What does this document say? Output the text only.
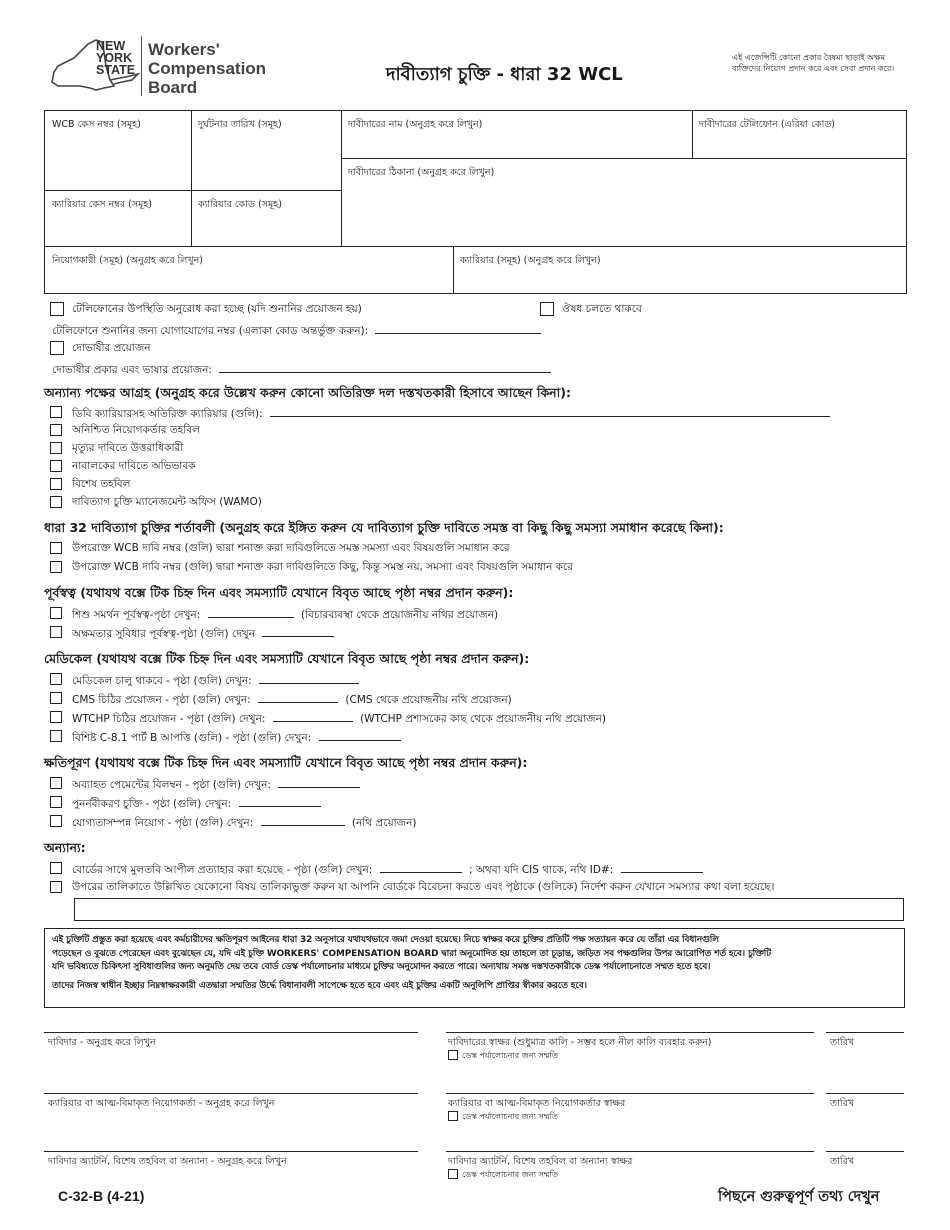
NEW
YORK
STATE
Workers'
Compensation
Board
দাবীত্যাগ চুক্তি - ধারা 32 WCL
এই এজেন্সিটি কোনো প্রকার বৈষম্য ছাড়াই অক্ষম
ব্যক্তিদের নিয়োগ প্রদান করে এবং সেবা প্রদান করে।
WCB কেস নম্বর (সমূহ)	দুর্ঘটনার তারিখ (সমূহ)	দাবীদারের নাম (অনুগ্রহ করে লিখুন)	দাবীদারের টেলিফোন (এরিয়া কোড)
দাবীদারের ঠিকানা (অনুগ্রহ করে লিখুন)
ক্যারিয়ার কেস নম্বর (সমূহ)	ক্যারিয়ার কোড (সমূহ)
নিয়োগকারী (সমূহ) (অনুগ্রহ করে লিখুন)	ক্যারিয়ার (সমূহ) (অনুগ্রহ করে লিখুন)
টেলিফোনের উপস্থিতি অনুরোধ করা হচ্ছে (যদি শুনানির প্রয়োজন হয়)	ঔষধ চলতে থাকবে
টেলিফোনে শুনানির জন্য যোগাযোগের নম্বর (এলাকা কোড অন্তর্ভুক্ত করুন):
দোভাষীর প্রয়োজন
দোভাষীর প্রকার এবং ভাষার প্রয়োজন:
অন্যান্য পক্ষের আগ্রহ (অনুগ্রহ করে উল্লেখ করুন কোনো অতিরিক্ত দল দস্তখতকারী হিসাবে আছেন কিনা):
ডিবি ক্যারিয়ারসহ অতিরিক্ত ক্যারিয়ার (গুলি):
অনিশ্চিত নিয়োগকর্তার তহবিল
মৃত্যুর দাবিতে উত্তরাধিকারী
নাবালকের দাবিতে অভিভাবক
বিশেষ তহবিল
দাবিত্যাগ চুক্তি ম্যানেজমেন্ট অফিস (WAMO)
ধারা 32 দাবিত্যাগ চুক্তির শর্তাবলী (অনুগ্রহ করে ইঙ্গিত করুন যে দাবিত্যাগ চুক্তি দাবিতে সমস্ত বা কিছু কিছু সমস্যা সমাধান করেছে কিনা):
উপরোক্ত WCB দাবি নম্বর (গুলি) দ্বারা শনাক্ত করা দাবিগুলিতে সমস্ত সমস্যা এবং বিষয়গুলি সমাধান করে
উপরোক্ত WCB দাবি নম্বর (গুলি) দ্বারা শনাক্ত করা দাবিগুলিতে কিছু, কিন্তু সমস্ত নয়, সমস্যা এবং বিষয়গুলি সমাধান করে
পূর্বস্বত্ব (যথাযথ বক্সে টিক চিহ্ন দিন এবং সমস্যাটি যেখানে বিবৃত আছে পৃষ্ঠা নম্বর প্রদান করুন):
শিশু সমর্থন পূর্বস্বত্ব-পৃষ্ঠা দেখুন:	(বিচারব্যবস্থা থেকে প্রয়োজনীয় নথির প্রয়োজন)
অক্ষমতার সুবিধার পূর্বস্বত্ব-পৃষ্ঠা (গুলি) দেখুন
মেডিকেল (যথাযথ বক্সে টিক চিহ্ন দিন এবং সমস্যাটি যেখানে বিবৃত আছে পৃষ্ঠা নম্বর প্রদান করুন):
মেডিকেল চালু থাকবে - পৃষ্ঠা (গুলি) দেখুন:
CMS চিঠির প্রয়োজন - পৃষ্ঠা (গুলি) দেখুন:	(CMS থেকে প্রয়োজনীয় নথি প্রয়োজন)
WTCHP চিঠির প্রয়োজন - পৃষ্ঠা (গুলি) দেখুন:	(WTCHP প্রশাসকের কাছ থেকে প্রয়োজনীয় নথি প্রয়োজন)
বিশিষ্ট C-8.1 পার্ট B আপত্তি (গুলি) - পৃষ্ঠা (গুলি) দেখুন:
ক্ষতিপূরণ (যথাযথ বক্সে টিক চিহ্ন দিন এবং সমস্যাটি যেখানে বিবৃত আছে পৃষ্ঠা নম্বর প্রদান করুন):
অব্যাহত পেমেন্টের বিলম্বন - পৃষ্ঠা (গুলি) দেখুন:
পুনর্নবীকরণ চুক্তি - পৃষ্ঠা (গুলি) দেখুন:
যোগ্যতাসম্পন্ন নিয়োগ - পৃষ্ঠা (গুলি) দেখুন:	(নথি প্রয়োজন)
অন্যান্য:
বোর্ডের সাথে মুলতবি আপীল প্রত্যাহার করা হয়েছে - পৃষ্ঠা (গুলি) দেখুন:	; অথবা যদি CIS থাকে, নথি ID#:
উপরের তালিকাতে উল্লিখিত যেকোনো বিষয় তালিকাভুক্ত করুন যা আপনি বোর্ডকে বিবেচনা করতে এবং পৃষ্ঠাকে (গুলিকে) নির্দেশ করুন যেখানে সমস্যার কথা বলা হয়েছে।
এই চুক্তিটি প্রস্তুত করা হয়েছে এবং কর্মচারীদের ক্ষতিপূরণ আইনের ধারা 32 অনুসারে যথাযথভাবে জমা দেওয়া হয়েছে। নিচে স্বাক্ষর করে চুক্তির প্রতিটি পক্ষ সত্যায়ন করে যে তাঁরা এর বিধানগুলি
পড়েছেন ও বুঝতে পেরেছেন এবং বুঝেছেন যে, যদি এই চুক্তি WORKERS' COMPENSATION BOARD দ্বারা অনুমোদিত হয় তাহলে তা চূড়ান্ত, জড়িত সব পক্ষগুলির উপর আরোপিত শর্ত হবে। চুক্তিটি
যদি ভবিষ্যতে চিকিৎসা সুবিধাগুলির জন্য অনুমতি দেয় তবে বোর্ড ডেস্ক পর্যালোচনার মাধ্যমে চুক্তির অনুমোদন করতে পারে। অন্যথায় সমস্ত দস্তখতকারীকে ডেস্ক পর্যালোচনাতে সম্মত হতে হবে।
তাদের নিজস্ব স্বাধীন ইচ্ছার নিম্নস্বাক্ষরকারী এতদ্বারা সম্মতির উর্দ্ধে বিধানাবলী সাপেক্ষে হতে হবে এবং এই চুক্তির একটি অনুলিপি প্রাপ্তির স্বীকার করতে হবে।
দাবিদার - অনুগ্রহ করে লিখুন	দাবিদারের স্বাক্ষর (শুধুমাত্র কালি - সম্ভব হলে নীল কালি ব্যবহার করুন)	তারিখ
ডেস্ক পর্যালোচনার জন্য সম্মতি
ক্যারিয়ার বা আত্ম-বিমাকৃত নিয়োগকর্তা - অনুগ্রহ করে লিখুন	ক্যারিয়ার বা আত্ম-বিমাকৃত নিয়োগকর্তার স্বাক্ষর	তারিখ
ডেস্ক পর্যালোচনার জন্য সম্মতি
দাবিদার অ্যাটর্নি, বিশেষ তহবিল বা অন্যান্য - অনুগ্রহ করে লিখুন	দাবিদার অ্যাটর্নি, বিশেষ তহবিল বা অন্যান্য স্বাক্ষর	তারিখ
ডেস্ক পর্যালোচনার জন্য সম্মতি
C-32-B (4-21)	পিছনে গুরুত্বপূর্ণ তথ্য দেখুন
